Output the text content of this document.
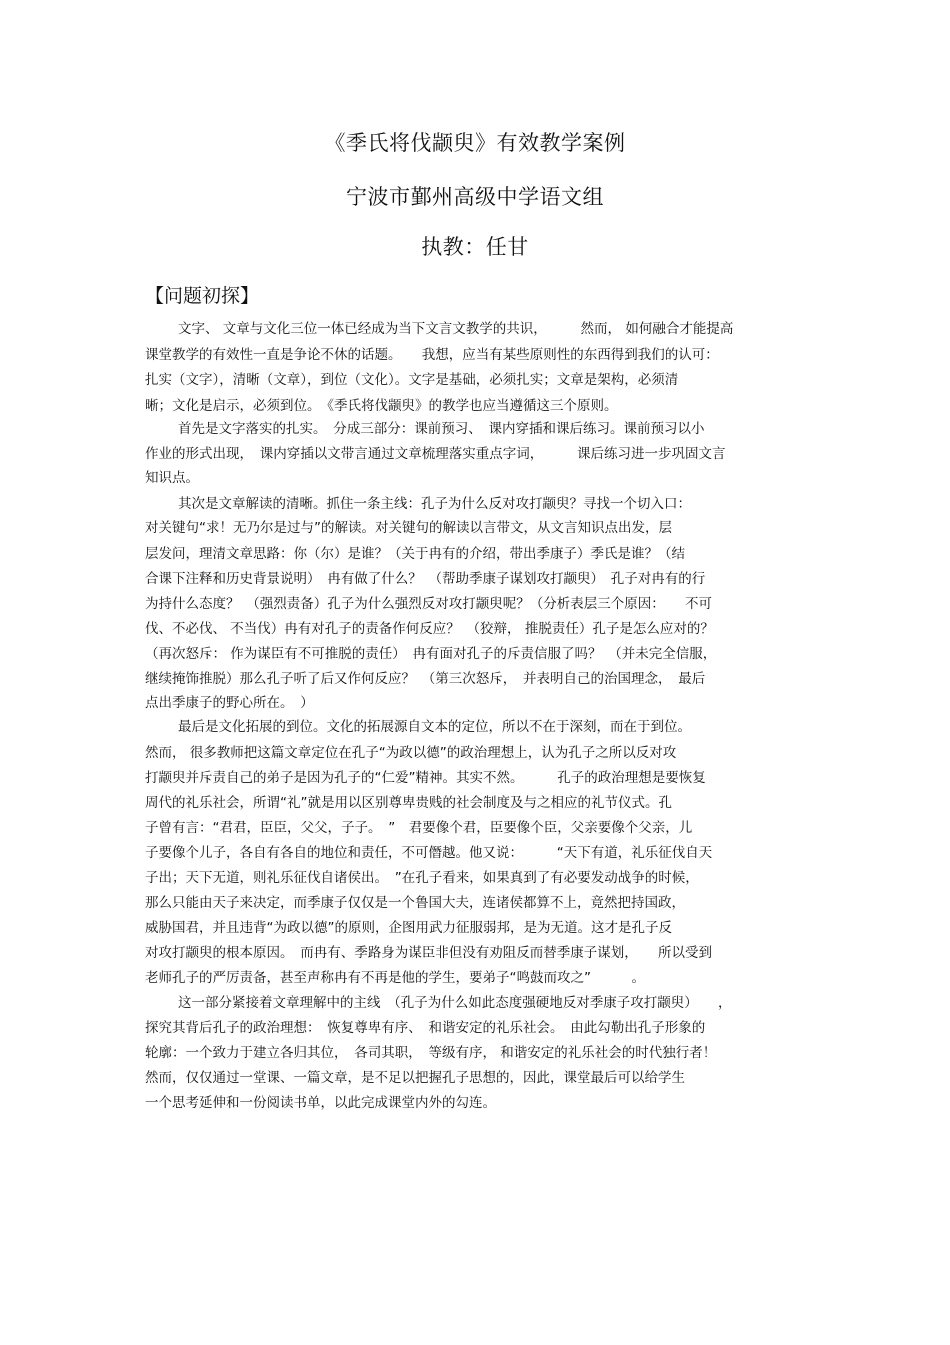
《季氏将伐颛臾》有效教学案例
宁波市鄞州高级中学语文组
执教：任甘
【问题初探】
文字、 文章与文化三位一体已经成为当下文言文教学的共识，　　　然而， 如何融合才能提高
课堂教学的有效性一直是争论不休的话题。　　我想，应当有某些原则性的东西得到我们的认可：
扎实（文字），清晰（文章），到位（文化）。文字是基础，必须扎实；文章是架构，必须清
晰；文化是启示，必须到位。　《季氏将伐颛臾》的教学也应当遵循这三个原则。
首先是文字落实的扎实。　分成三部分：课前预习、　课内穿插和课后练习。课前预习以小
作业的形式出现，　课内穿插以文带言通过文章梳理落实重点字词，　　　课后练习进一步巩固文言
知识点。
其次是文章解读的清晰。抓住一条主线：孔子为什么反对攻打颛臾？寻找一个切入口：
对关键句“求！无乃尔是过与”的解读。对关键句的解读以言带文，从文言知识点出发，层
层发问，理清文章思路：你（尔）是谁？（关于冉有的介绍，带出季康子）季氏是谁？（结
合课下注释和历史背景说明）　冉有做了什么？　（帮助季康子谋划攻打颛臾）　孔子对冉有的行
为持什么态度？　（强烈责备）孔子为什么强烈反对攻打颛臾呢？（分析表层三个原因：　　不可
伐、不必伐、 不当伐）冉有对孔子的责备作何反应？　（狡辩， 推脱责任）孔子是怎么应对的？
（再次怒斥： 作为谋臣有不可推脱的责任）　冉有面对孔子的斥责信服了吗？　（并未完全信服，
继续掩饰推脱）那么孔子听了后又作何反应？　（第三次怒斥，　并表明自己的治国理念，　最后
点出季康子的野心所在。　）
最后是文化拓展的到位。文化的拓展源自文本的定位，所以不在于深刻，而在于到位。
然而， 很多教师把这篇文章定位在孔子“为政以德”的政治理想上，认为孔子之所以反对攻
打颛臾并斥责自己的弟子是因为孔子的“仁爱”精神。其实不然。　　　孔子的政治理想是要恢复
周代的礼乐社会，所谓“礼”就是用以区别尊卑贵贱的社会制度及与之相应的礼节仪式。孔
子曾有言：“君君，臣臣，父父，子子。　”　君要像个君，臣要像个臣，父亲要像个父亲，儿
子要像个儿子，各自有各自的地位和责任，不可僭越。他又说：　　　“天下有道，礼乐征伐自天
子出；天下无道，则礼乐征伐自诸侯出。　”在孔子看来，如果真到了有必要发动战争的时候，
那么只能由天子来决定，而季康子仅仅是一个鲁国大夫，连诸侯都算不上，竟然把持国政，
威胁国君，并且违背“为政以德”的原则，企图用武力征服弱邦，是为无道。这才是孔子反
对攻打颛臾的根本原因。　而冉有、季路身为谋臣非但没有劝阻反而替季康子谋划，　　所以受到
老师孔子的严厉责备，甚至声称冉有不再是他的学生，要弟子“鸣鼓而攻之”　　　。
这一部分紧接着文章理解中的主线　（孔子为什么如此态度强硬地反对季康子攻打颛臾）　　，
探究其背后孔子的政治理想：　恢复尊卑有序、　和谐安定的礼乐社会。　由此勾勒出孔子形象的
轮廓：一个致力于建立各归其位，　各司其职，　等级有序， 和谐安定的礼乐社会的时代独行者！
然而，仅仅通过一堂课、一篇文章，是不足以把握孔子思想的，因此，课堂最后可以给学生
一个思考延伸和一份阅读书单，以此完成课堂内外的勾连。
